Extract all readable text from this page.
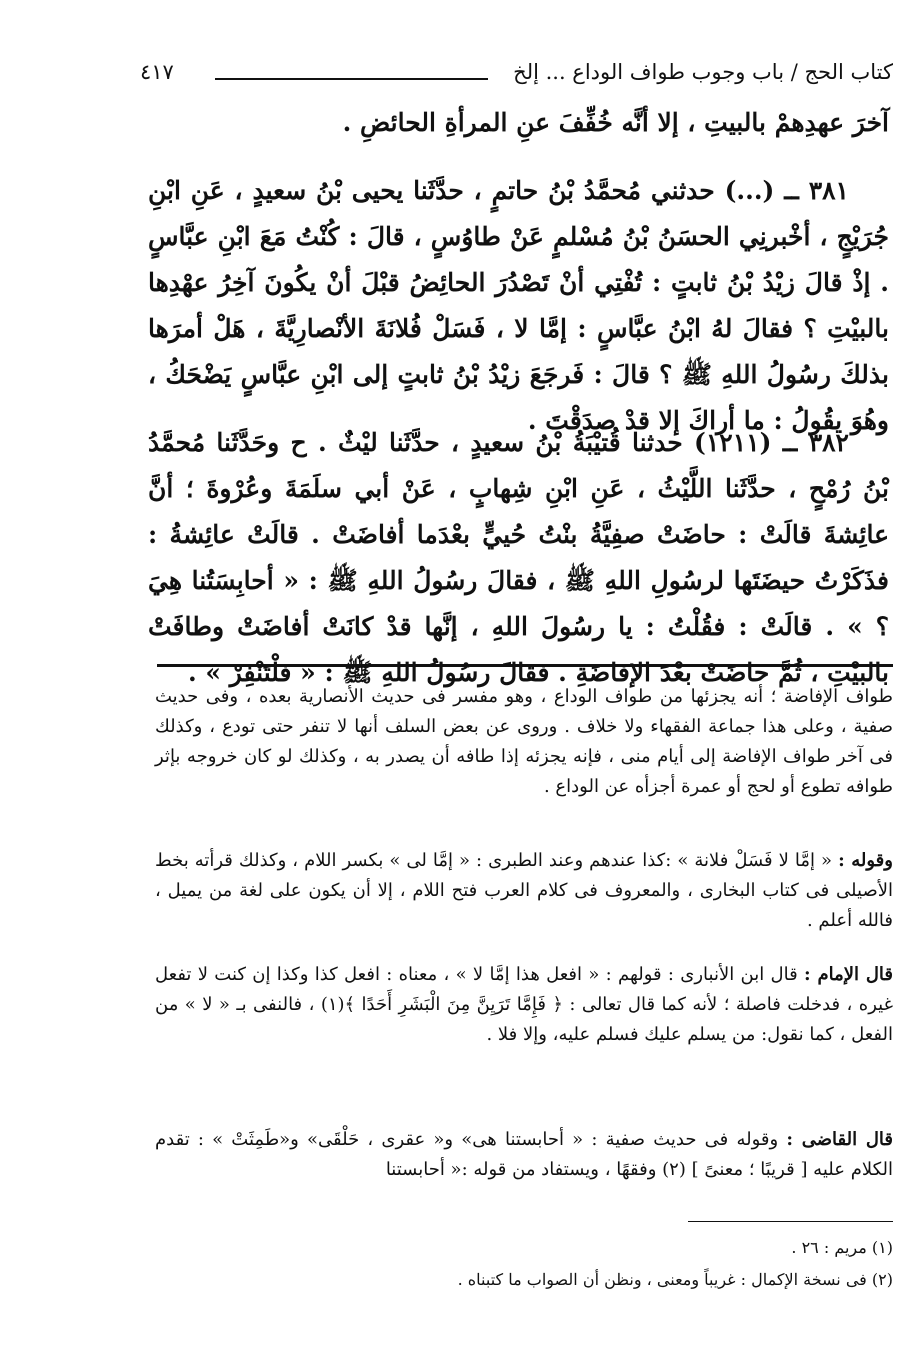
كتاب الحج / باب وجوب طواف الوداع ... إلخ
٤١٧
آخرَ عهدِهمْ بالبيتِ ، إلا أنَّه خُفِّفَ عنِ المرأةِ الحائضِ .
٣٨١ ــ (...) حدثني مُحمَّدُ بْنُ حاتمٍ ، حدَّثَنا يحيى بْنُ سعيدٍ ، عَنِ ابْنِ جُرَيْجٍ ، أخْبرنِي الحسَنُ بْنُ مُسْلمٍ عَنْ طاوُسٍ ، قالَ : كُنْتُ مَعَ ابْنِ عبَّاسٍ . إذْ قالَ زيْدُ بْنُ ثابتٍ : تُفْتِي أنْ تَصْدُرَ الحائِضُ قبْلَ أنْ يكُونَ آخِرُ عهْدِها بالبيْتِ ؟ فقالَ لهُ ابْنُ عبَّاسٍ : إمَّا لا ، فَسَلْ فُلانَةَ الأنْصارِيَّةَ ، هَلْ أمرَها بذلكَ رسُولُ اللهِ ﷺ ؟ قالَ : فَرجَعَ زيْدُ بْنُ ثابتٍ إلى ابْنِ عبَّاسٍ يَضْحَكُ ، وهُوَ يقُولُ : ما أراكَ إلا قدْ صدَقْتَ .
٣٨٢ ــ (١٢١١) حدثنا قُتيْبَةُ بْنُ سعيدٍ ، حدَّثَنا ليْثٌ . ح وحَدَّثَنا مُحمَّدُ بْنُ رُمْحٍ ، حدَّثَنا اللَّيْثُ ، عَنِ ابْنِ شِهابٍ ، عَنْ أبي سلَمَةَ وعُرْوةَ ؛ أنَّ عائِشةَ قالَتْ : حاضَتْ صفِيَّةُ بنْتُ حُييٍّ بعْدَما أفاضَتْ . قالَتْ عائِشةُ : فذَكَرْتُ حيضَتَها لرسُولِ اللهِ ﷺ ، فقالَ رسُولُ اللهِ ﷺ : « أحابِسَتُنا هِيَ ؟ » . قالَتْ : فقُلْتُ : يا رسُولَ اللهِ ، إنَّها قدْ كانَتْ أفاضَتْ وطافَتْ بالبيْتِ ، ثُمَّ حاضَتْ بعْدَ الإفاضَةِ . فقالَ رسُولُ اللهِ ﷺ : « فلْتَنْفِرْ » .
طواف الإفاضة ؛ أنه يجزئها من طواف الوداع ، وهو مفسر فى حديث الأنصارية بعده ، وفى حديث صفية ، وعلى هذا جماعة الفقهاء ولا خلاف . وروى عن بعض السلف أنها لا تنفر حتى تودع ، وكذلك فى آخر طواف الإفاضة إلى أيام منى ، فإنه يجزئه إذا طافه أن يصدر به ، وكذلك لو كان خروجه بإثر طوافه تطوع أو لحج أو عمرة أجزأه عن الوداع .
وقوله : « إمَّا لا فَسَلْ فلانة » :كذا عندهم وعند الطبرى : « إمَّا لى » بكسر اللام ، وكذلك قرأته بخط الأصيلى فى كتاب البخارى ، والمعروف فى كلام العرب فتح اللام ، إلا أن يكون على لغة من يميل ، فالله أعلم .
قال الإمام : قال ابن الأنبارى : قولهم : « افعل هذا إمَّا لا » ، معناه : افعل كذا وكذا إن كنت لا تفعل غيره ، فدخلت فاصلة ؛ لأنه كما قال تعالى : ﴿ فَإِمَّا تَرَيِنَّ مِنَ الْبَشَرِ أَحَدًا ﴾(١) ، فالنفى بـ « لا » من الفعل ، كما نقول: من يسلم عليك فسلم عليه، وإلا فلا .
قال القاضى : وقوله فى حديث صفية : « أحابستنا هى» و« عقرى ، حَلْقَى» و«طَمِثَتْ » : تقدم الكلام عليه [ قريبًا ؛ معنىً ] (٢) وفقهًا ، ويستفاد من قوله :« أحابستنا
(١) مريم : ٢٦ .
(٢) فى نسخة الإكمال : غريباً ومعنى ، ونظن أن الصواب ما كتبناه .
